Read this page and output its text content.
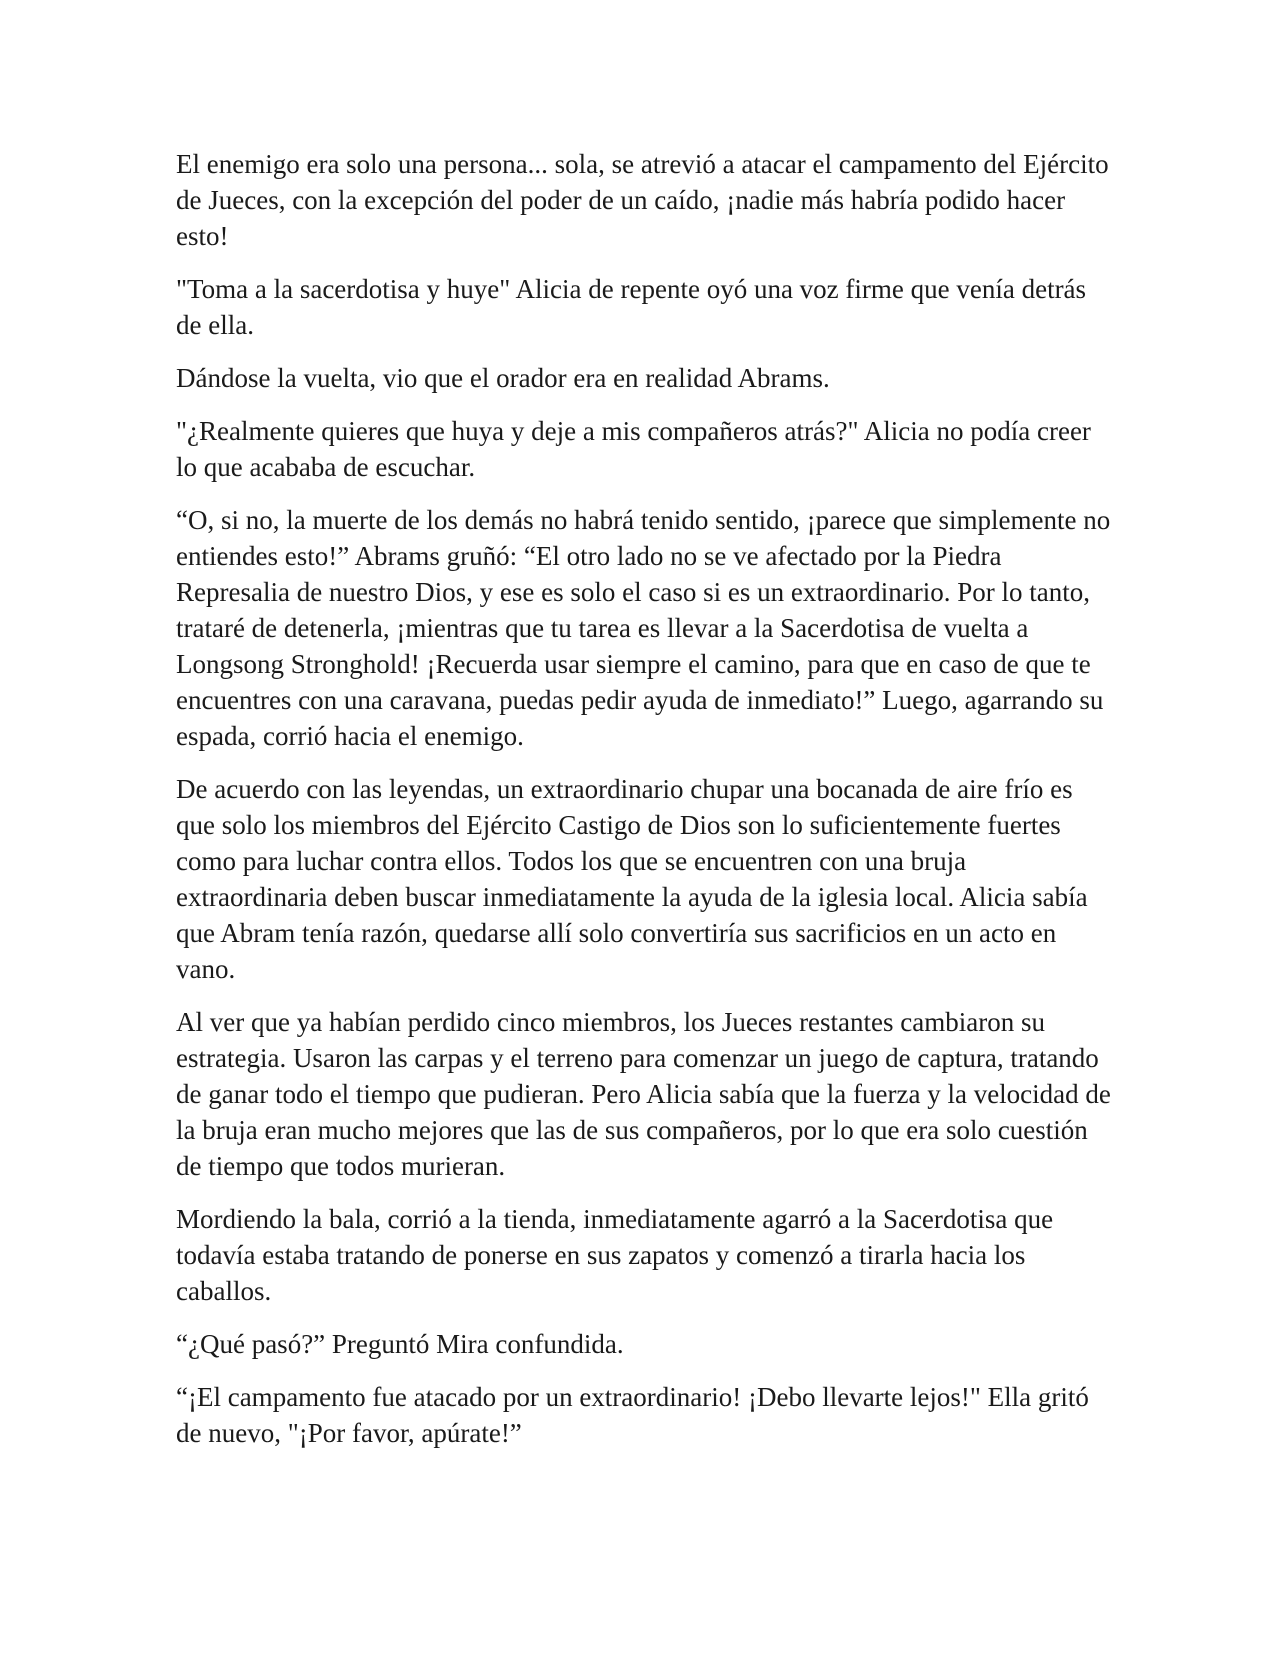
El enemigo era solo una persona... sola, se atrevió a atacar el campamento del Ejército de Jueces, con la excepción del poder de un caído, ¡nadie más habría podido hacer esto!

"Toma a la sacerdotisa y huye" Alicia de repente oyó una voz firme que venía detrás de ella.

Dándose la vuelta, vio que el orador era en realidad Abrams.

"¿Realmente quieres que huya y deje a mis compañeros atrás?" Alicia no podía creer lo que acababa de escuchar.

“O, si no, la muerte de los demás no habrá tenido sentido, ¡parece que simplemente no entiendes esto!” Abrams gruñó: “El otro lado no se ve afectado por la Piedra Represalia de nuestro Dios, y ese es solo el caso si es un extraordinario. Por lo tanto, trataré de detenerla, ¡mientras que tu tarea es llevar a la Sacerdotisa de vuelta a Longsong Stronghold! ¡Recuerda usar siempre el camino, para que en caso de que te encuentres con una caravana, puedas pedir ayuda de inmediato!” Luego, agarrando su espada, corrió hacia el enemigo.

De acuerdo con las leyendas, un extraordinario chupar una bocanada de aire frío es que solo los miembros del Ejército Castigo de Dios son lo suficientemente fuertes como para luchar contra ellos. Todos los que se encuentren con una bruja extraordinaria deben buscar inmediatamente la ayuda de la iglesia local. Alicia sabía que Abram tenía razón, quedarse allí solo convertiría sus sacrificios en un acto en vano.

Al ver que ya habían perdido cinco miembros, los Jueces restantes cambiaron su estrategia. Usaron las carpas y el terreno para comenzar un juego de captura, tratando de ganar todo el tiempo que pudieran. Pero Alicia sabía que la fuerza y la velocidad de la bruja eran mucho mejores que las de sus compañeros, por lo que era solo cuestión de tiempo que todos murieran.

Mordiendo la bala, corrió a la tienda, inmediatamente agarró a la Sacerdotisa que todavía estaba tratando de ponerse en sus zapatos y comenzó a tirarla hacia los caballos.

“¿Qué pasó?” Preguntó Mira confundida.

“¡El campamento fue atacado por un extraordinario! ¡Debo llevarte lejos!" Ella gritó de nuevo, "¡Por favor, apúrate!”
